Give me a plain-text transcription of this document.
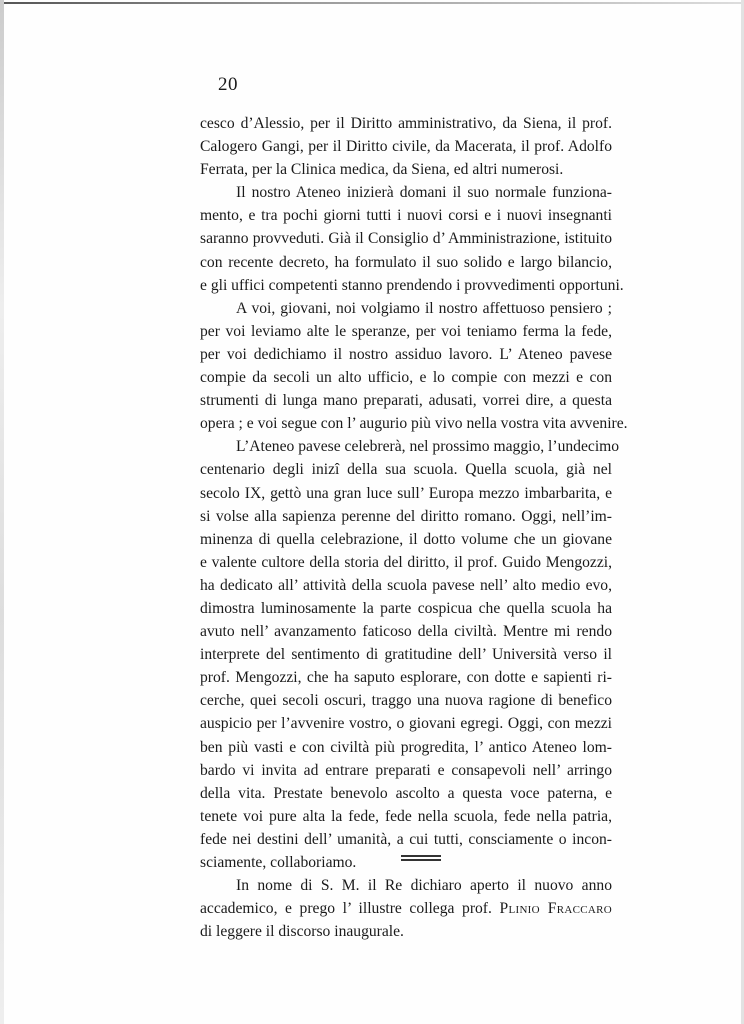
20
cesco d’Alessio, per il Diritto amministrativo, da Siena, il prof.
Calogero Gangi, per il Diritto civile, da Macerata, il prof. Adolfo
Ferrata, per la Clinica medica, da Siena, ed altri numerosi.
Il nostro Ateneo inizierà domani il suo normale funziona-
mento, e tra pochi giorni tutti i nuovi corsi e i nuovi insegnanti
saranno provveduti. Già il Consiglio d’ Amministrazione, istituito
con recente decreto, ha formulato il suo solido e largo bilancio,
e gli uffici competenti stanno prendendo i provvedimenti opportuni.
A voi, giovani, noi volgiamo il nostro affettuoso pensiero ;
per voi leviamo alte le speranze, per voi teniamo ferma la fede,
per voi dedichiamo il nostro assiduo lavoro. L’ Ateneo pavese
compie da secoli un alto ufficio, e lo compie con mezzi e con
strumenti di lunga mano preparati, adusati, vorrei dire, a questa
opera ; e voi segue con l’ augurio più vivo nella vostra vita avvenire.
L’Ateneo pavese celebrerà, nel prossimo maggio, l’undecimo
centenario degli inizî della sua scuola. Quella scuola, già nel
secolo IX, gettò una gran luce sull’ Europa mezzo imbarbarita, e
si volse alla sapienza perenne del diritto romano. Oggi, nell’im-
minenza di quella celebrazione, il dotto volume che un giovane
e valente cultore della storia del diritto, il prof. Guido Mengozzi,
ha dedicato all’ attività della scuola pavese nell’ alto medio evo,
dimostra luminosamente la parte cospicua che quella scuola ha
avuto nell’ avanzamento faticoso della civiltà. Mentre mi rendo
interprete del sentimento di gratitudine dell’ Università verso il
prof. Mengozzi, che ha saputo esplorare, con dotte e sapienti ri-
cerche, quei secoli oscuri, traggo una nuova ragione di benefico
auspicio per l’avvenire vostro, o giovani egregi. Oggi, con mezzi
ben più vasti e con civiltà più progredita, l’ antico Ateneo lom-
bardo vi invita ad entrare preparati e consapevoli nell’ arringo
della vita. Prestate benevolo ascolto a questa voce paterna, e
tenete voi pure alta la fede, fede nella scuola, fede nella patria,
fede nei destini dell’ umanità, a cui tutti, consciamente o incon-
sciamente, collaboriamo.
In nome di S. M. il Re dichiaro aperto il nuovo anno
accademico, e prego l’ illustre collega prof. Plinio Fraccaro
di leggere il discorso inaugurale.
